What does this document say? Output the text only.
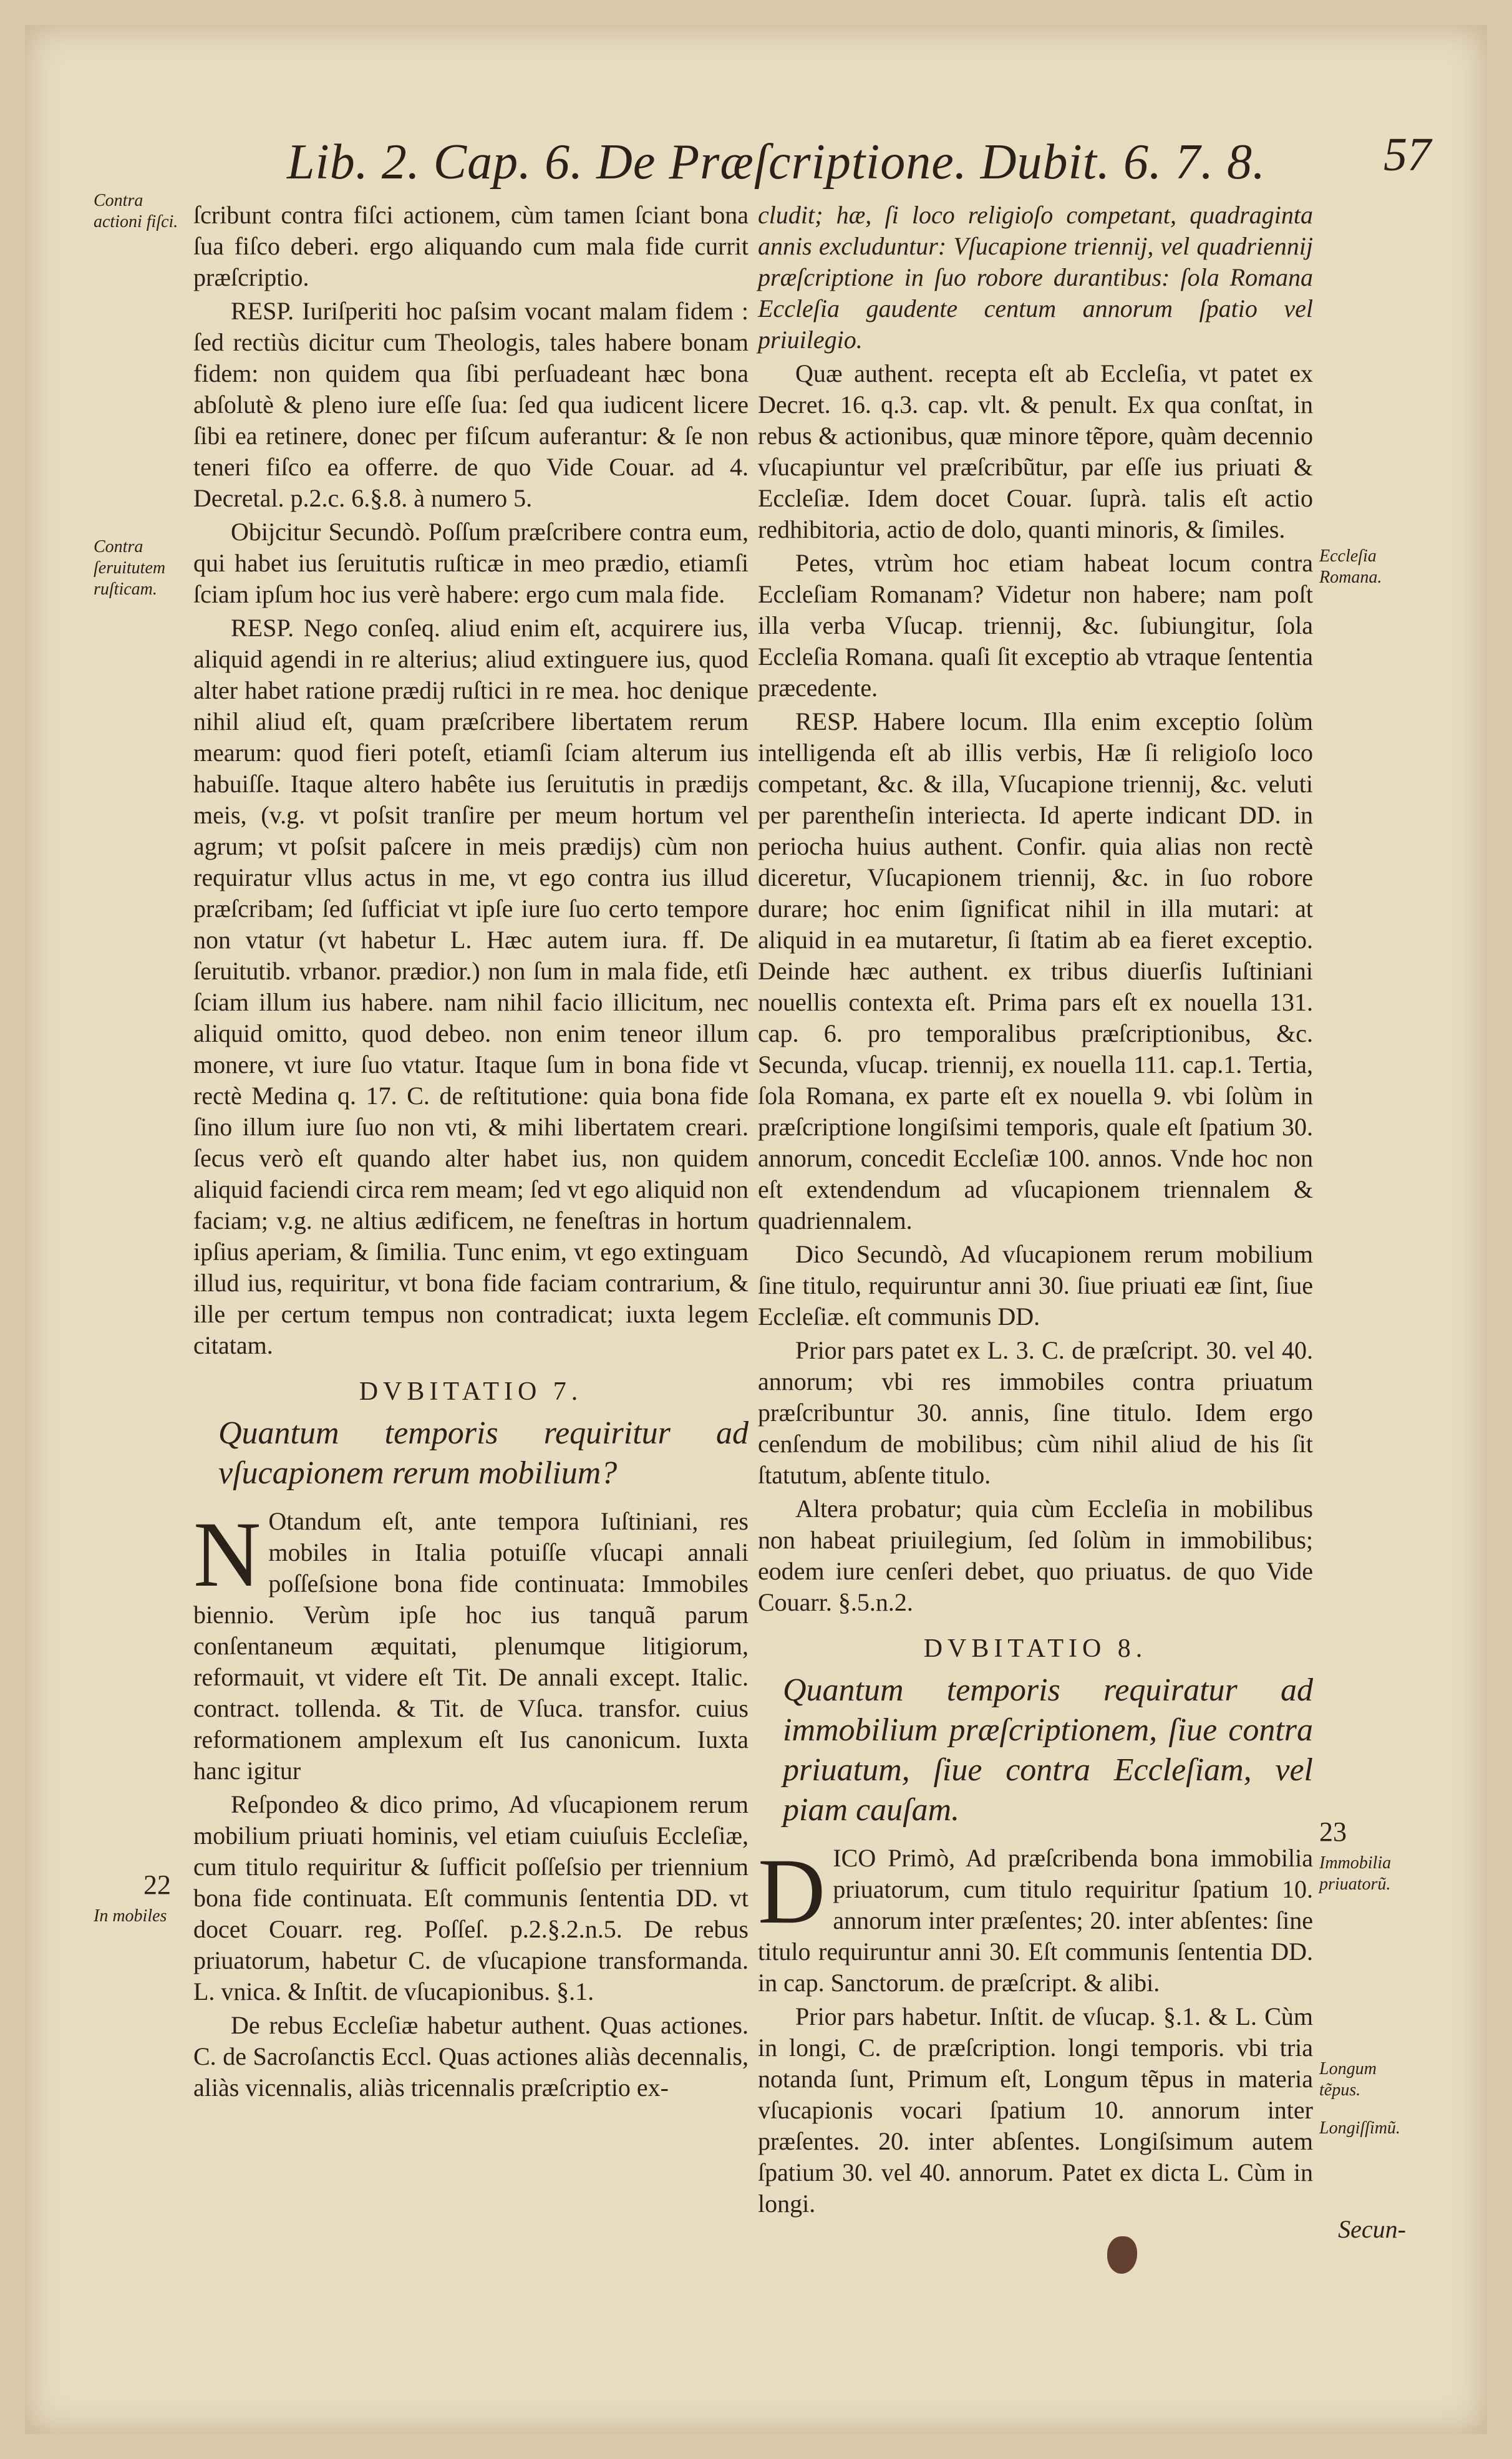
Lib. 2. Cap. 6. De Præſcriptione. Dubit. 6. 7. 8.	57
Contra actioni fiſci.
Contra ſeruitutem ruſticam.
22
In mobiles
Eccleſia Romana.
23
Immobilia priuatorũ.
Longum tẽpus.
Longiſſimũ.

ſcribunt contra fiſci actionem, cùm tamen ſciant bona ſua fiſco deberi. ergo aliquando cum mala fide currit præſcriptio.

RESP. Iuriſperiti hoc paſsim vocant malam fidem : ſed rectiùs dicitur cum Theologis, tales habere bonam fidem: non quidem qua ſibi perſuadeant hæc bona abſolutè & pleno iure eſſe ſua: ſed qua iudicent licere ſibi ea retinere, donec per fiſcum auferantur: & ſe non teneri fiſco ea offerre. de quo Vide Couar. ad 4. Decretal. p.2.c. 6.§.8. à numero 5.

Obijcitur Secundò. Poſſum præſcribere contra eum, qui habet ius ſeruitutis ruſticæ in meo prædio, etiamſi ſciam ipſum hoc ius verè habere: ergo cum mala fide.

RESP. Nego conſeq. aliud enim eſt, acquirere ius, aliquid agendi in re alterius; aliud extinguere ius, quod alter habet ratione prædij ruſtici in re mea. hoc denique nihil aliud eſt, quam præſcribere libertatem rerum mearum: quod fieri poteſt, etiamſi ſciam alterum ius habuiſſe. Itaque altero habête ius ſeruitutis in prædijs meis, (v.g. vt poſsit tranſire per meum hortum vel agrum; vt poſsit paſcere in meis prædijs) cùm non requiratur vllus actus in me, vt ego contra ius illud præſcribam; ſed ſufficiat vt ipſe iure ſuo certo tempore non vtatur (vt habetur L. Hæc autem iura. ff. De ſeruitutib. vrbanor. prædior.) non ſum in mala fide, etſi ſciam illum ius habere. nam nihil facio illicitum, nec aliquid omitto, quod debeo. non enim teneor illum monere, vt iure ſuo vtatur. Itaque ſum in bona fide vt rectè Medina q. 17. C. de reſtitutione: quia bona fide ſino illum iure ſuo non vti, & mihi libertatem creari. ſecus verò eſt quando alter habet ius, non quidem aliquid faciendi circa rem meam; ſed vt ego aliquid non faciam; v.g. ne altius ædificem, ne feneſtras in hortum ipſius aperiam, & ſimilia. Tunc enim, vt ego extinguam illud ius, requiritur, vt bona fide faciam contrarium, & ille per certum tempus non contradicat; iuxta legem citatam.

DVBITATIO 7.
Quantum temporis requiritur ad vſucapionem rerum mobilium?

N Otandum eſt, ante tempora Iuſtiniani, res mobiles in Italia potuiſſe vſucapi annali poſſeſsione bona fide continuata: Immobiles biennio. Verùm ipſe hoc ius tanquã parum conſentaneum æquitati, plenumque litigiorum, reformauit, vt videre eſt Tit. De annali except. Italic. contract. tollenda. & Tit. de Vſuca. transfor. cuius reformationem amplexum eſt Ius canonicum. Iuxta hanc igitur

Reſpondeo & dico primo, Ad vſucapionem rerum mobilium priuati hominis, vel etiam cuiuſuis Eccleſiæ, cum titulo requiritur & ſufficit poſſeſsio per triennium bona fide continuata. Eſt communis ſententia DD. vt docet Couarr. reg. Poſſeſ. p.2.§.2.n.5. De rebus priuatorum, habetur C. de vſucapione transformanda. L. vnica. & Inſtit. de vſucapionibus. §.1.

De rebus Eccleſiæ habetur authent. Quas actiones. C. de Sacroſanctis Eccl. Quas actiones aliàs decennalis, aliàs vicennalis, aliàs tricennalis præſcriptio ex-

cludit; hæ, ſi loco religioſo competant, quadraginta annis excluduntur: Vſucapione triennij, vel quadriennij præſcriptione in ſuo robore durantibus: ſola Romana Eccleſia gaudente centum annorum ſpatio vel priuilegio.

Quæ authent. recepta eſt ab Eccleſia, vt patet ex Decret. 16. q.3. cap. vlt. & penult. Ex qua conſtat, in rebus & actionibus, quæ minore tẽpore, quàm decennio vſucapiuntur vel præſcribũtur, par eſſe ius priuati & Eccleſiæ. Idem docet Couar. ſuprà. talis eſt actio redhibitoria, actio de dolo, quanti minoris, & ſimiles.

Petes, vtrùm hoc etiam habeat locum contra Eccleſiam Romanam? Videtur non habere; nam poſt illa verba Vſucap. triennij, &c. ſubiungitur, ſola Eccleſia Romana. quaſi ſit exceptio ab vtraque ſententia præcedente.

RESP. Habere locum. Illa enim exceptio ſolùm intelligenda eſt ab illis verbis, Hæ ſi religioſo loco competant, &c. & illa, Vſucapione triennij, &c. veluti per parentheſin interiecta. Id aperte indicant DD. in periocha huius authent. Confir. quia alias non rectè diceretur, Vſucapionem triennij, &c. in ſuo robore durare; hoc enim ſignificat nihil in illa mutari: at aliquid in ea mutaretur, ſi ſtatim ab ea fieret exceptio. Deinde hæc authent. ex tribus diuerſis Iuſtiniani nouellis contexta eſt. Prima pars eſt ex nouella 131. cap. 6. pro temporalibus præſcriptionibus, &c. Secunda, vſucap. triennij, ex nouella 111. cap.1. Tertia, ſola Romana, ex parte eſt ex nouella 9. vbi ſolùm in præſcriptione longiſsimi temporis, quale eſt ſpatium 30. annorum, concedit Eccleſiæ 100. annos. Vnde hoc non eſt extendendum ad vſucapionem triennalem & quadriennalem.

Dico Secundò, Ad vſucapionem rerum mobilium ſine titulo, requiruntur anni 30. ſiue priuati eæ ſint, ſiue Eccleſiæ. eſt communis DD.

Prior pars patet ex L. 3. C. de præſcript. 30. vel 40. annorum; vbi res immobiles contra priuatum præſcribuntur 30. annis, ſine titulo. Idem ergo cenſendum de mobilibus; cùm nihil aliud de his ſit ſtatutum, abſente titulo.

Altera probatur; quia cùm Eccleſia in mobilibus non habeat priuilegium, ſed ſolùm in immobilibus; eodem iure cenſeri debet, quo priuatus. de quo Vide Couarr. §.5.n.2.

DVBITATIO 8.
Quantum temporis requiratur ad immobilium præſcriptionem, ſiue contra priuatum, ſiue contra Eccleſiam, vel piam cauſam.

D ICO Primò, Ad præſcribenda bona immobilia priuatorum, cum titulo requiritur ſpatium 10. annorum inter præſentes; 20. inter abſentes: ſine titulo requiruntur anni 30. Eſt communis ſententia DD. in cap. Sanctorum. de præſcript. & alibi.

Prior pars habetur. Inſtit. de vſucap. §.1. & L. Cùm in longi, C. de præſcription. longi temporis. vbi tria notanda ſunt, Primum eſt, Longum tẽpus in materia vſucapionis vocari ſpatium 10. annorum inter præſentes. 20. inter abſentes. Longiſsimum autem ſpatium 30. vel 40. annorum. Patet ex dicta L. Cùm in longi.

Secun-
